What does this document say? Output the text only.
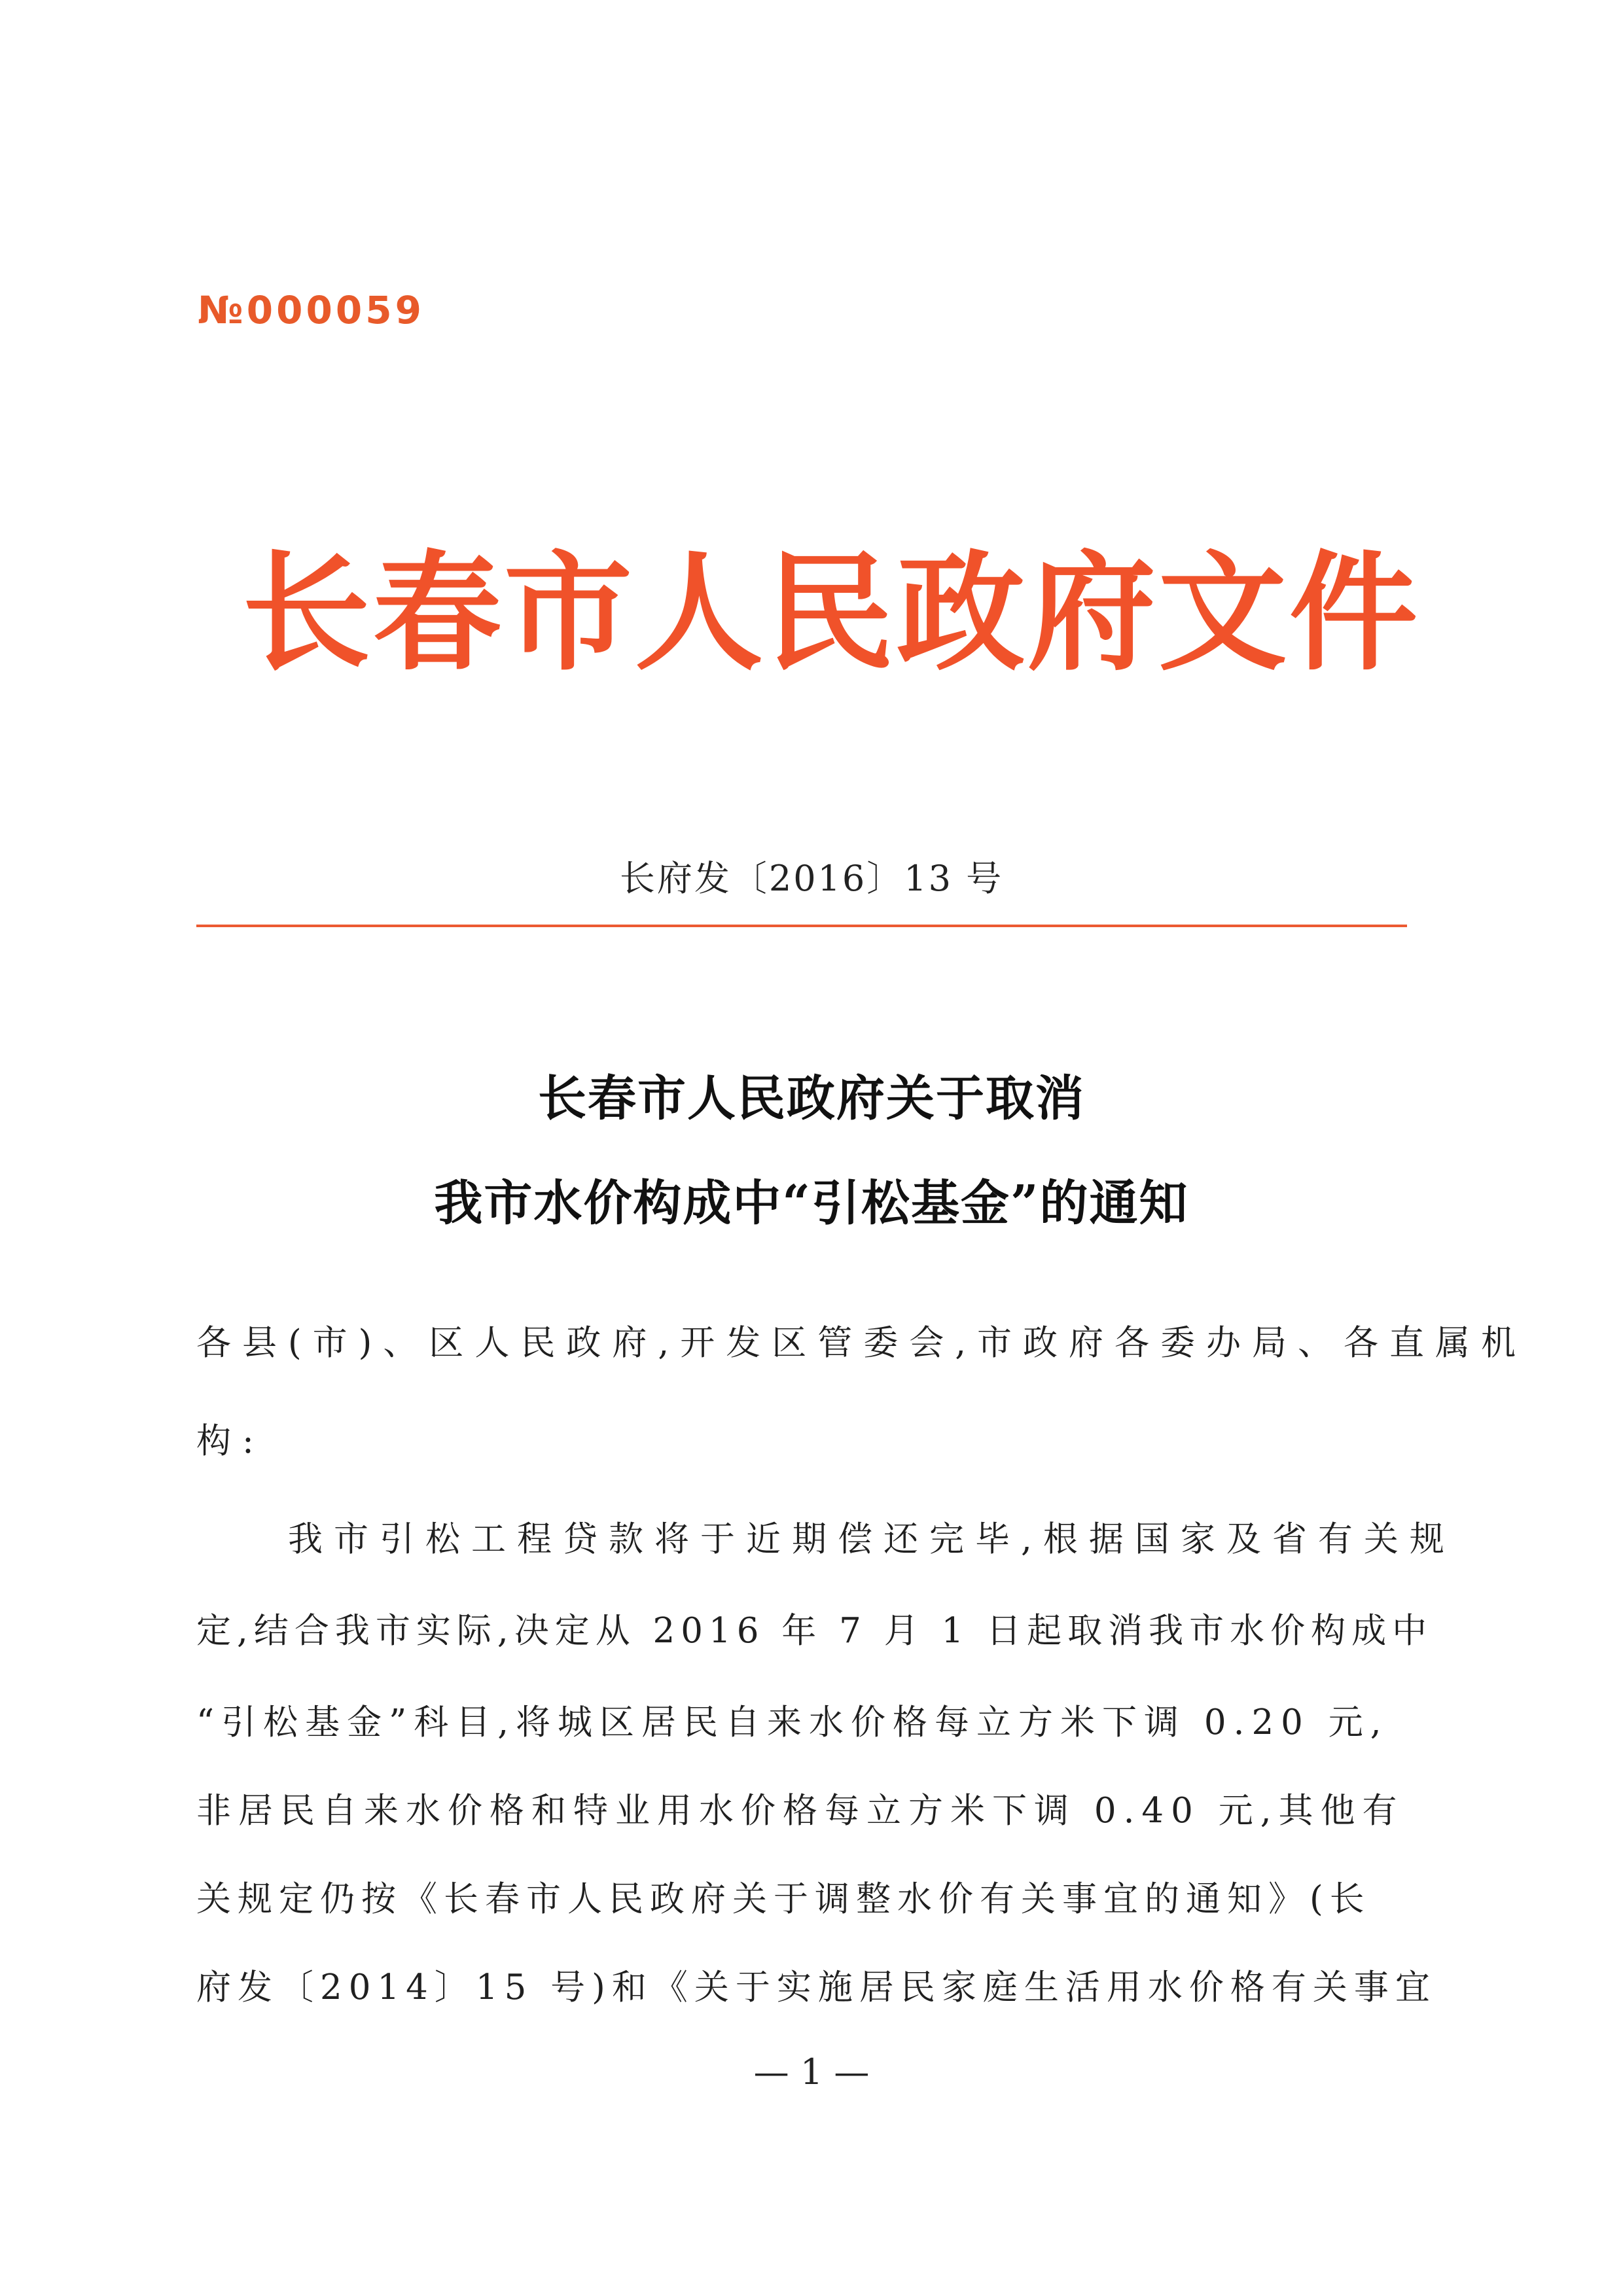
№000059
长春市人民政府文件
长府发〔2016〕13 号
长春市人民政府关于取消
我市水价构成中“引松基金”的通知
各县(市)、区人民政府,开发区管委会,市政府各委办局、各直属机
构:
　　我市引松工程贷款将于近期偿还完毕,根据国家及省有关规
定,结合我市实际,决定从 2016 年 7 月 1 日起取消我市水价构成中
“引松基金”科目,将城区居民自来水价格每立方米下调 0.20 元,
非居民自来水价格和特业用水价格每立方米下调 0.40 元,其他有
关规定仍按《长春市人民政府关于调整水价有关事宜的通知》(长
府发〔2014〕15 号)和《关于实施居民家庭生活用水价格有关事宜
— 1 —
